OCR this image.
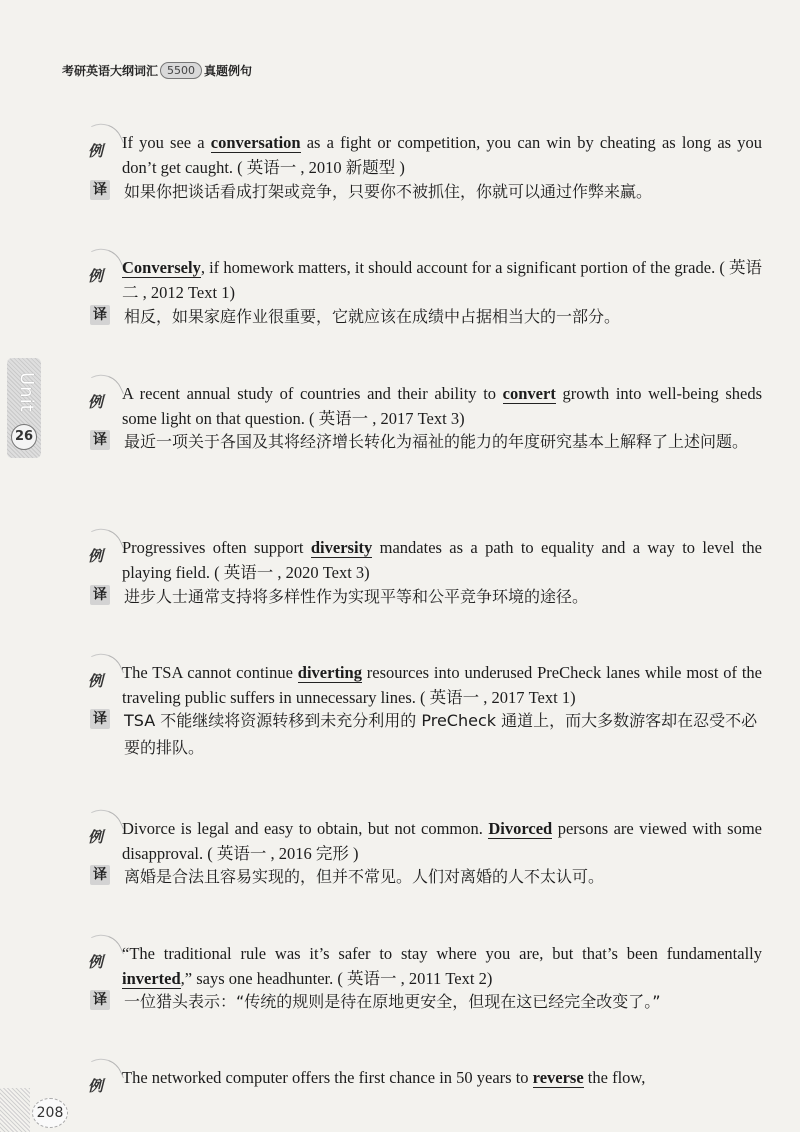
考研英语大纲词汇 5500 真题例句
Unit
26
例 If you see a conversation as a fight or competition, you can win by cheating as long as you don’t get caught. ( 英语一 , 2010 新题型 )
译 如果你把谈话看成打架或竞争，只要你不被抓住，你就可以通过作弊来赢。
例 Conversely, if homework matters, it should account for a significant portion of the grade. ( 英语二 , 2012 Text 1)
译 相反，如果家庭作业很重要，它就应该在成绩中占据相当大的一部分。
例 A recent annual study of countries and their ability to convert growth into well-being sheds some light on that question. ( 英语一 , 2017 Text 3)
译 最近一项关于各国及其将经济增长转化为福祉的能力的年度研究基本上解释了上述问题。
例 Progressives often support diversity mandates as a path to equality and a way to level the playing field. ( 英语一 , 2020 Text 3)
译 进步人士通常支持将多样性作为实现平等和公平竞争环境的途径。
例 The TSA cannot continue diverting resources into underused PreCheck lanes while most of the traveling public suffers in unnecessary lines. ( 英语一 , 2017 Text 1)
译 TSA 不能继续将资源转移到未充分利用的 PreCheck 通道上，而大多数游客却在忍受不必要的排队。
例 Divorce is legal and easy to obtain, but not common. Divorced persons are viewed with some disapproval. ( 英语一 , 2016 完形 )
译 离婚是合法且容易实现的，但并不常见。人们对离婚的人不太认可。
例 “The traditional rule was it’s safer to stay where you are, but that’s been fundamentally inverted,” says one headhunter. ( 英语一 , 2011 Text 2)
译 一位猎头表示：“传统的规则是待在原地更安全，但现在这已经完全改变了。”
例 The networked computer offers the first chance in 50 years to reverse the flow,
208
